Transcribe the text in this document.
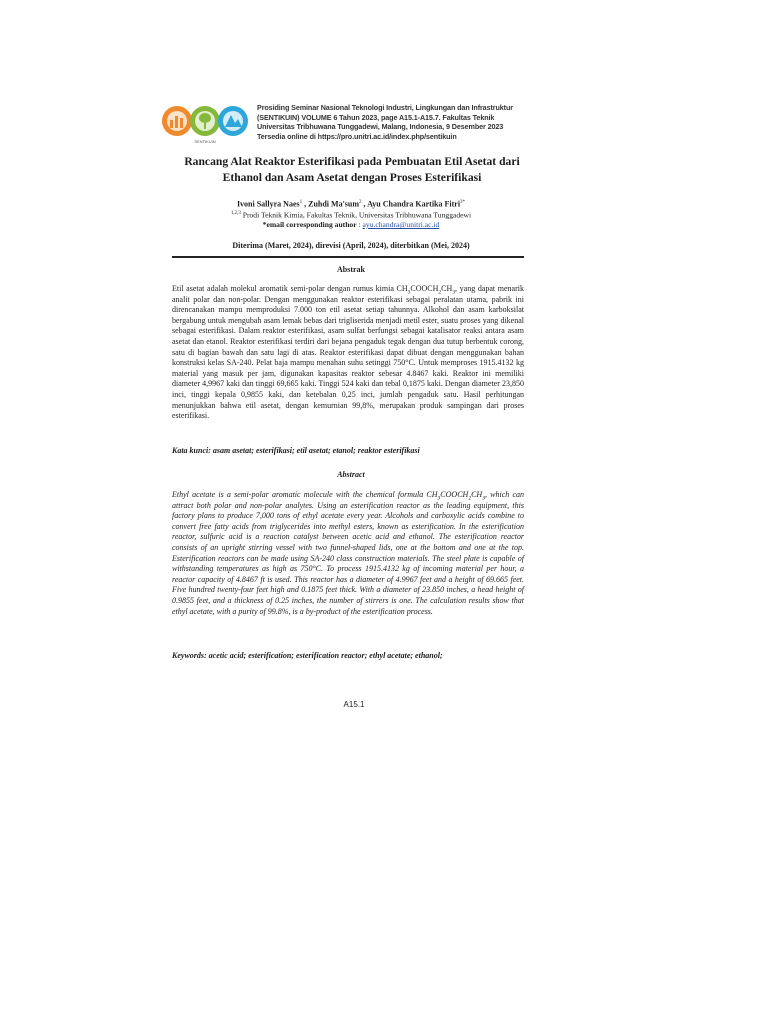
SENTIKUIN
Prosiding Seminar Nasional Teknologi Industri, Lingkungan dan Infrastruktur
(SENTIKUIN) VOLUME 6 Tahun 2023, page A15.1-A15.7. Fakultas Teknik
Universitas Tribhuwana Tunggadewi, Malang, Indonesia, 9 Desember 2023
Tersedia online di https://pro.unitri.ac.id/index.php/sentikuin
Rancang Alat Reaktor Esterifikasi pada Pembuatan Etil Asetat dari
Ethanol dan Asam Asetat dengan Proses Esterifikasi
Ivoni Sallyra Naes$^1$ , Zuhdi Ma'sum$^2$ , Ayu Chandra Kartika Fitri$^{3*}$
$^{1,2,3}$ Prodi Teknik Kimia, Fakultas Teknik, Universitas Tribhuwana Tunggadewi
*email corresponding author : ayu.chandra@unitri.ac.id
Diterima (Maret, 2024), direvisi (April, 2024), diterbitkan (Mei, 2024)
Abstrak
Etil asetat adalah molekul aromatik semi-polar dengan rumus kimia $CH_3COOCH_2CH_3$, yang dapat menarik analit polar dan non-polar. Dengan menggunakan reaktor esterifikasi sebagai peralatan utama, pabrik ini direncanakan mampu memproduksi 7.000 ton etil asetat setiap tahunnya. Alkohol dan asam karboksilat bergabung untuk mengubah asam lemak bebas dari trigliserida menjadi metil ester, suatu proses yang dikenal sebagai esterifikasi. Dalam reaktor esterifikasi, asam sulfat berfungsi sebagai katalisator reaksi antara asam asetat dan etanol. Reaktor esterifikasi terdiri dari bejana pengaduk tegak dengan dua tutup berbentuk corong, satu di bagian bawah dan satu lagi di atas. Reaktor esterifikasi dapat dibuat dengan menggunakan bahan konstruksi kelas SA-240. Pelat baja mampu menahan suhu setinggi 750°C. Untuk memproses 1915.4132 kg material yang masuk per jam, digunakan kapasitas reaktor sebesar 4.8467 kaki. Reaktor ini memiliki diameter 4,9967 kaki dan tinggi 69,665 kaki. Tinggi 524 kaki dan tebal 0,1875 kaki. Dengan diameter 23,850 inci, tinggi kepala 0,9855 kaki, dan ketebalan 0,25 inci, jumlah pengaduk satu. Hasil perhitungan menunjukkan bahwa etil asetat, dengan kemurnian 99,8%, merupakan produk sampingan dari proses esterifikasi.
Kata kunci: asam asetat; esterifikasi; etil asetat; etanol; reaktor esterifikasi
Abstract
Ethyl acetate is a semi-polar aromatic molecule with the chemical formula $CH_3COOCH_2CH_3$, which can attract both polar and non-polar analytes. Using an esterification reactor as the leading equipment, this factory plans to produce 7,000 tons of ethyl acetate every year. Alcohols and carboxylic acids combine to convert free fatty acids from triglycerides into methyl esters, known as esterification. In the esterification reactor, sulfuric acid is a reaction catalyst between acetic acid and ethanol. The esterification reactor consists of an upright stirring vessel with two funnel-shaped lids, one at the bottom and one at the top. Esterification reactors can be made using SA-240 class construction materials. The steel plate is capable of withstanding temperatures as high as 750°C. To process 1915.4132 kg of incoming material per hour, a reactor capacity of 4.8467 ft is used. This reactor has a diameter of 4.9967 feet and a height of 69.665 feet. Five hundred twenty-four feet high and 0.1875 feet thick. With a diameter of 23.850 inches, a head height of 0.9855 feet, and a thickness of 0.25 inches, the number of stirrers is one. The calculation results show that ethyl acetate, with a purity of 99.8%, is a by-product of the esterification process.
Keywords: acetic acid; esterification; esterification reactor; ethyl acetate; ethanol;
A15.1
